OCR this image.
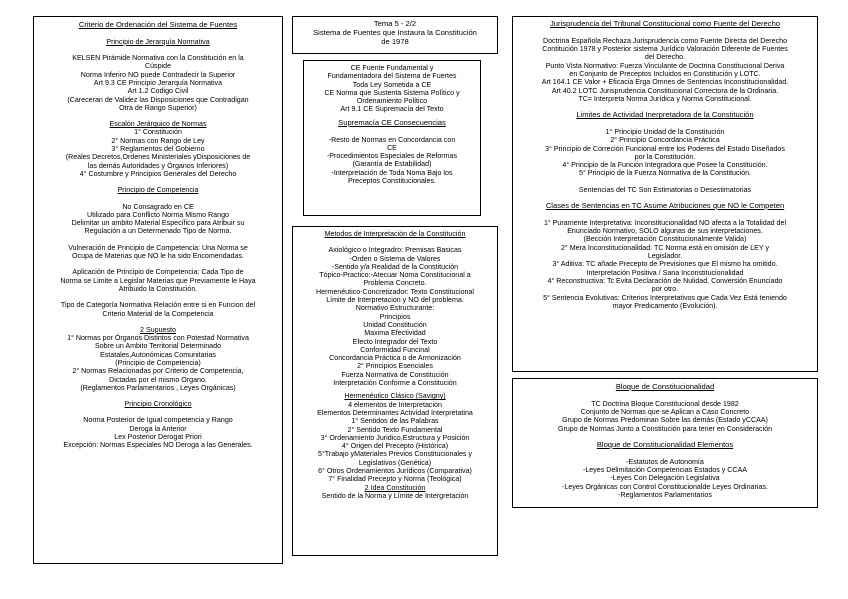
Criterio de Ordenación del Sistema de Fuentes

Principio de Jerarquía Normativa

KELSEN Pirámide Normativa con la Constitución en la

Cúspide

Norma Inferiro NO puede Contradecir la Superior

Art 9.3 CE Principio Jerarquía Normativa

Art 1.2 Codigo Civil

(Careceran de Validez las Disposiciones que Contradigan

Otra de Rango Superior)

Escalón Jerárquico de Normas

1° Constitución

2° Normas con Rango de Ley

3° Reglamentos del Gobierno

(Reales Decretos,Ordenes Ministeriales yDisposiciones de

las demás Autoridades y Órganos Inferiores)

4° Costumbre y Principios Generales del Derecho

Principio de Competencia

No Consagrado en CE

Utilizado para Conflicto Norma Mismo Rango

Delimitar un ambito Material Específico para Atribuir su

Regulación a un Determenado Tipo de Norma.

Vulneración de Principio de Competencia: Una Norma se

Ocupa de Materias que NO le ha sido Encomendadas.

Aplicación de Principio de Competencia: Cada Tipo de

Norma se Limite a Legislar Materias que Previamente le Haya

Atribuido la Constitución.

Tipo de Categoría Normativa Relación entre si en Funcion del

Criterio Material de la Competencia

2 Supuesto

1° Normas por Órganos Distintos con Potestad Normativa

Sobre un Ambito Territorial Determinado

Estatales,Autonómicas Comunitarias

(Principio de Competencia)

2° Normas Relacionadas por Criterio de Competencia,

Dictadas por el mismo Organo.

(Reglamentos Parlamentarios , Leyes Orgánicas)

Principio Cronológico

Norma Posterior de Igual competencia y Rango

Deroga la Anterior

Lex Posterior Derogat Priori

Excepción: Normas Especiales NO Deroga a las Generales.

Tema 5 - 2/2

Sistema de Fuentes que Instaura la Constitución

de 1978

CE Fuente Fundamental y

Fundamentadora del Sistema de Fuertes

Toda Ley Sometida a CE

CE Norma que Sustenta Sistema Político y

Ordenamiento Político

Art 9.1 CE Supremacía del Texto

Supremacía CE Consecuencias

-Resto de Normas en Concordancia con

CE

-Procedimientos Especiales de Reformas

(Garantía de Estabilidad)

-Interpretación de Toda Noma Bajo los

Preceptos Constitucionales.

Metodos de Interpretación de la Constitución

Axiológico o Integradro: Premisas Basicas

-Orden o Sistema de Valores

-Sentido y/a Realidad de la Constitución

Tópico-Practico:-Atecuar Noma Constitucional a

Problema Concreto.

Hermenéutico-Concretizador: Texto Constitucional

Límite de Interpretacion y NO del problema.

Normativo Estructurante:

Principios

Unidad Constitución

Maxima Efectividad

Efecto Integrador del Texto

Conformidad Funcinal

Concordancia Práctica o de Armonización

2° Principios Esenciales

Fuerza Normativa de Constitución

Interpretación Conforme a Constitución

Hermenéutico Clásico (Savigny)

4 elementos de Interpretación

Elementos Determinantes Actividad Interpretatina

1° Sentidos de las Palabras

2° Sentido Texto Fundamental

3° Ordenamiento Juridico,Estructura y Posición

4° Origen del Precepto (Histórica)

5°Trabajo yMateriales Previos Constitucionales y

Legislativos (Genética)

6° Otros Ordenamientos Jurídicos (Comparativa)

7° Finalidad Precepto y Norma (Teológica)

2 Idea Constitución

Sentido de la Norma y Límite de Intergretación

Jurisprudencia del Tribunal Constitucional como Fuente del Derecho

Doctrina Española Rechaza Jurisprudencia como Fuente Directa del Derecho

Contitución 1978 y Posterior sistema Jurídico Valoración Diferente de Fuentes

del Derecho.

Punto Vista Normativo: Fuerza Vinculante de Doctrina Constitucional Deriva

en Conjunto de Preceptos Incluidos en Constitución y LOTC.

Art 164.1 CE Valor + Eficacia Erga Omnes de Sentencias Inconstitucionalidad.

Art 40.2 LOTC Jurisprudencia Constitucional Correctora de la Ordinaria.

TC= Interpreta Norma Jurídica y Norma Constitucional.

Limites de Actividad Inerpretadora de la Constitución

1° Principio Unidad de la Constitución

2° Principio Concordancia Práctica

3° Principio de Correción Funcional entre los Poderes del Estado Diseñados

por la Constitución.

4° Principio de la Función Integradora que Posee la Constitución.

5° Principio de la Fuerza Normativa de la Constitución.

Sentencias del TC Son Estimatorias o Desestimatorias

Clases de Sentencias en TC Asume Atribuciones que NO le Competen

1° Puramente Interpretativa: Inconstitucionalidad NO afecta a la Totalidad del

Enunciado Normativo, SOLO algunas de sus interpretaciones.

(Bección Interpretación Constitucionalmente Valida)

2° Mera Inconstitucionalidad: TC Norma está en omisión de LEY y

Legislador.

3° Aditiva: TC añade Precepto de Previsiones que El mismo ha omitido.

Interpretación Positiva / Sana Inconstitucionalidad

4° Reconstructiva: Tc Evita Declaración de Nulidad, Conversión Enunciado

por otro.

5° Sentencia Evolutivas: Criterios Interpretativos que Cada Vez Está teniendo

mayor Predicamento (Evolución).

Bloque de Constitucionalidad

TC Doctrina Bloque Constitucional desde 1982

Conjunto de Normas que se Aplican a Caso Concreto

Grupo de Normas Predominan Sobre las demás (Estado yCCAA)

Grupo de Normas Junto a Constitución para tener en Consideración

Bloque de Constitucionalidad Elementos

-Estatutos de Autonomía

-Leyes Delimitación Competencias Estados y CCAA

-Leyes Con Delegación Legislativa

-Leyes Orgánicas con Control Constitucionalde Leyes Ordinarias.

-Reglamentos Parlamentarios
